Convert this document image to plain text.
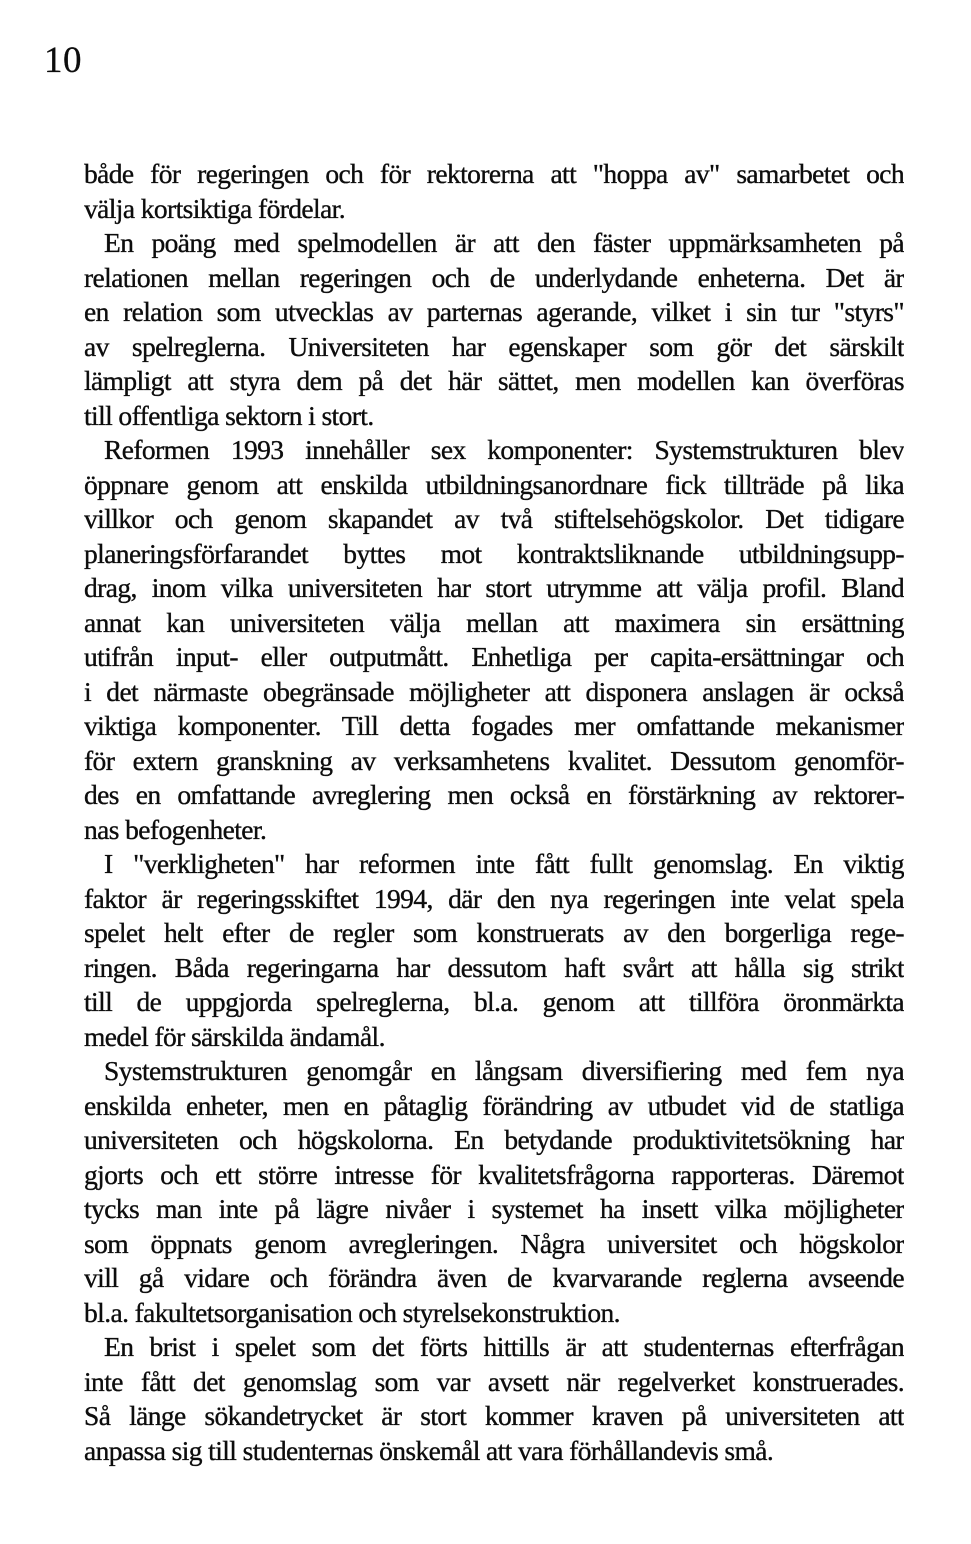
10
både för regeringen och för rektorerna att "hoppa av" samarbetet och
välja kortsiktiga fördelar.
En poäng med spelmodellen är att den fäster uppmärksamheten på
relationen mellan regeringen och de underlydande enheterna. Det är
en relation som utvecklas av parternas agerande, vilket i sin tur "styrs"
av spelreglerna. Universiteten har egenskaper som gör det särskilt
lämpligt att styra dem på det här sättet, men modellen kan överföras
till offentliga sektorn i stort.
Reformen 1993 innehåller sex komponenter: Systemstrukturen blev
öppnare genom att enskilda utbildningsanordnare fick tillträde på lika
villkor och genom skapandet av två stiftelsehögskolor. Det tidigare
planeringsförfarandet byttes mot kontraktsliknande utbildningsupp-
drag, inom vilka universiteten har stort utrymme att välja profil. Bland
annat kan universiteten välja mellan att maximera sin ersättning
utifrån input- eller outputmått. Enhetliga per capita-ersättningar och
i det närmaste obegränsade möjligheter att disponera anslagen är också
viktiga komponenter. Till detta fogades mer omfattande mekanismer
för extern granskning av verksamhetens kvalitet. Dessutom genomför-
des en omfattande avreglering men också en förstärkning av rektorer-
nas befogenheter.
I "verkligheten" har reformen inte fått fullt genomslag. En viktig
faktor är regeringsskiftet 1994, där den nya regeringen inte velat spela
spelet helt efter de regler som konstruerats av den borgerliga rege-
ringen. Båda regeringarna har dessutom haft svårt att hålla sig strikt
till de uppgjorda spelreglerna, bl.a. genom att tillföra öronmärkta
medel för särskilda ändamål.
Systemstrukturen genomgår en långsam diversifiering med fem nya
enskilda enheter, men en påtaglig förändring av utbudet vid de statliga
universiteten och högskolorna. En betydande produktivitetsökning har
gjorts och ett större intresse för kvalitetsfrågorna rapporteras. Däremot
tycks man inte på lägre nivåer i systemet ha insett vilka möjligheter
som öppnats genom avregleringen. Några universitet och högskolor
vill gå vidare och förändra även de kvarvarande reglerna avseende
bl.a. fakultetsorganisation och styrelsekonstruktion.
En brist i spelet som det förts hittills är att studenternas efterfrågan
inte fått det genomslag som var avsett när regelverket konstruerades.
Så länge sökandetrycket är stort kommer kraven på universiteten att
anpassa sig till studenternas önskemål att vara förhållandevis små.
